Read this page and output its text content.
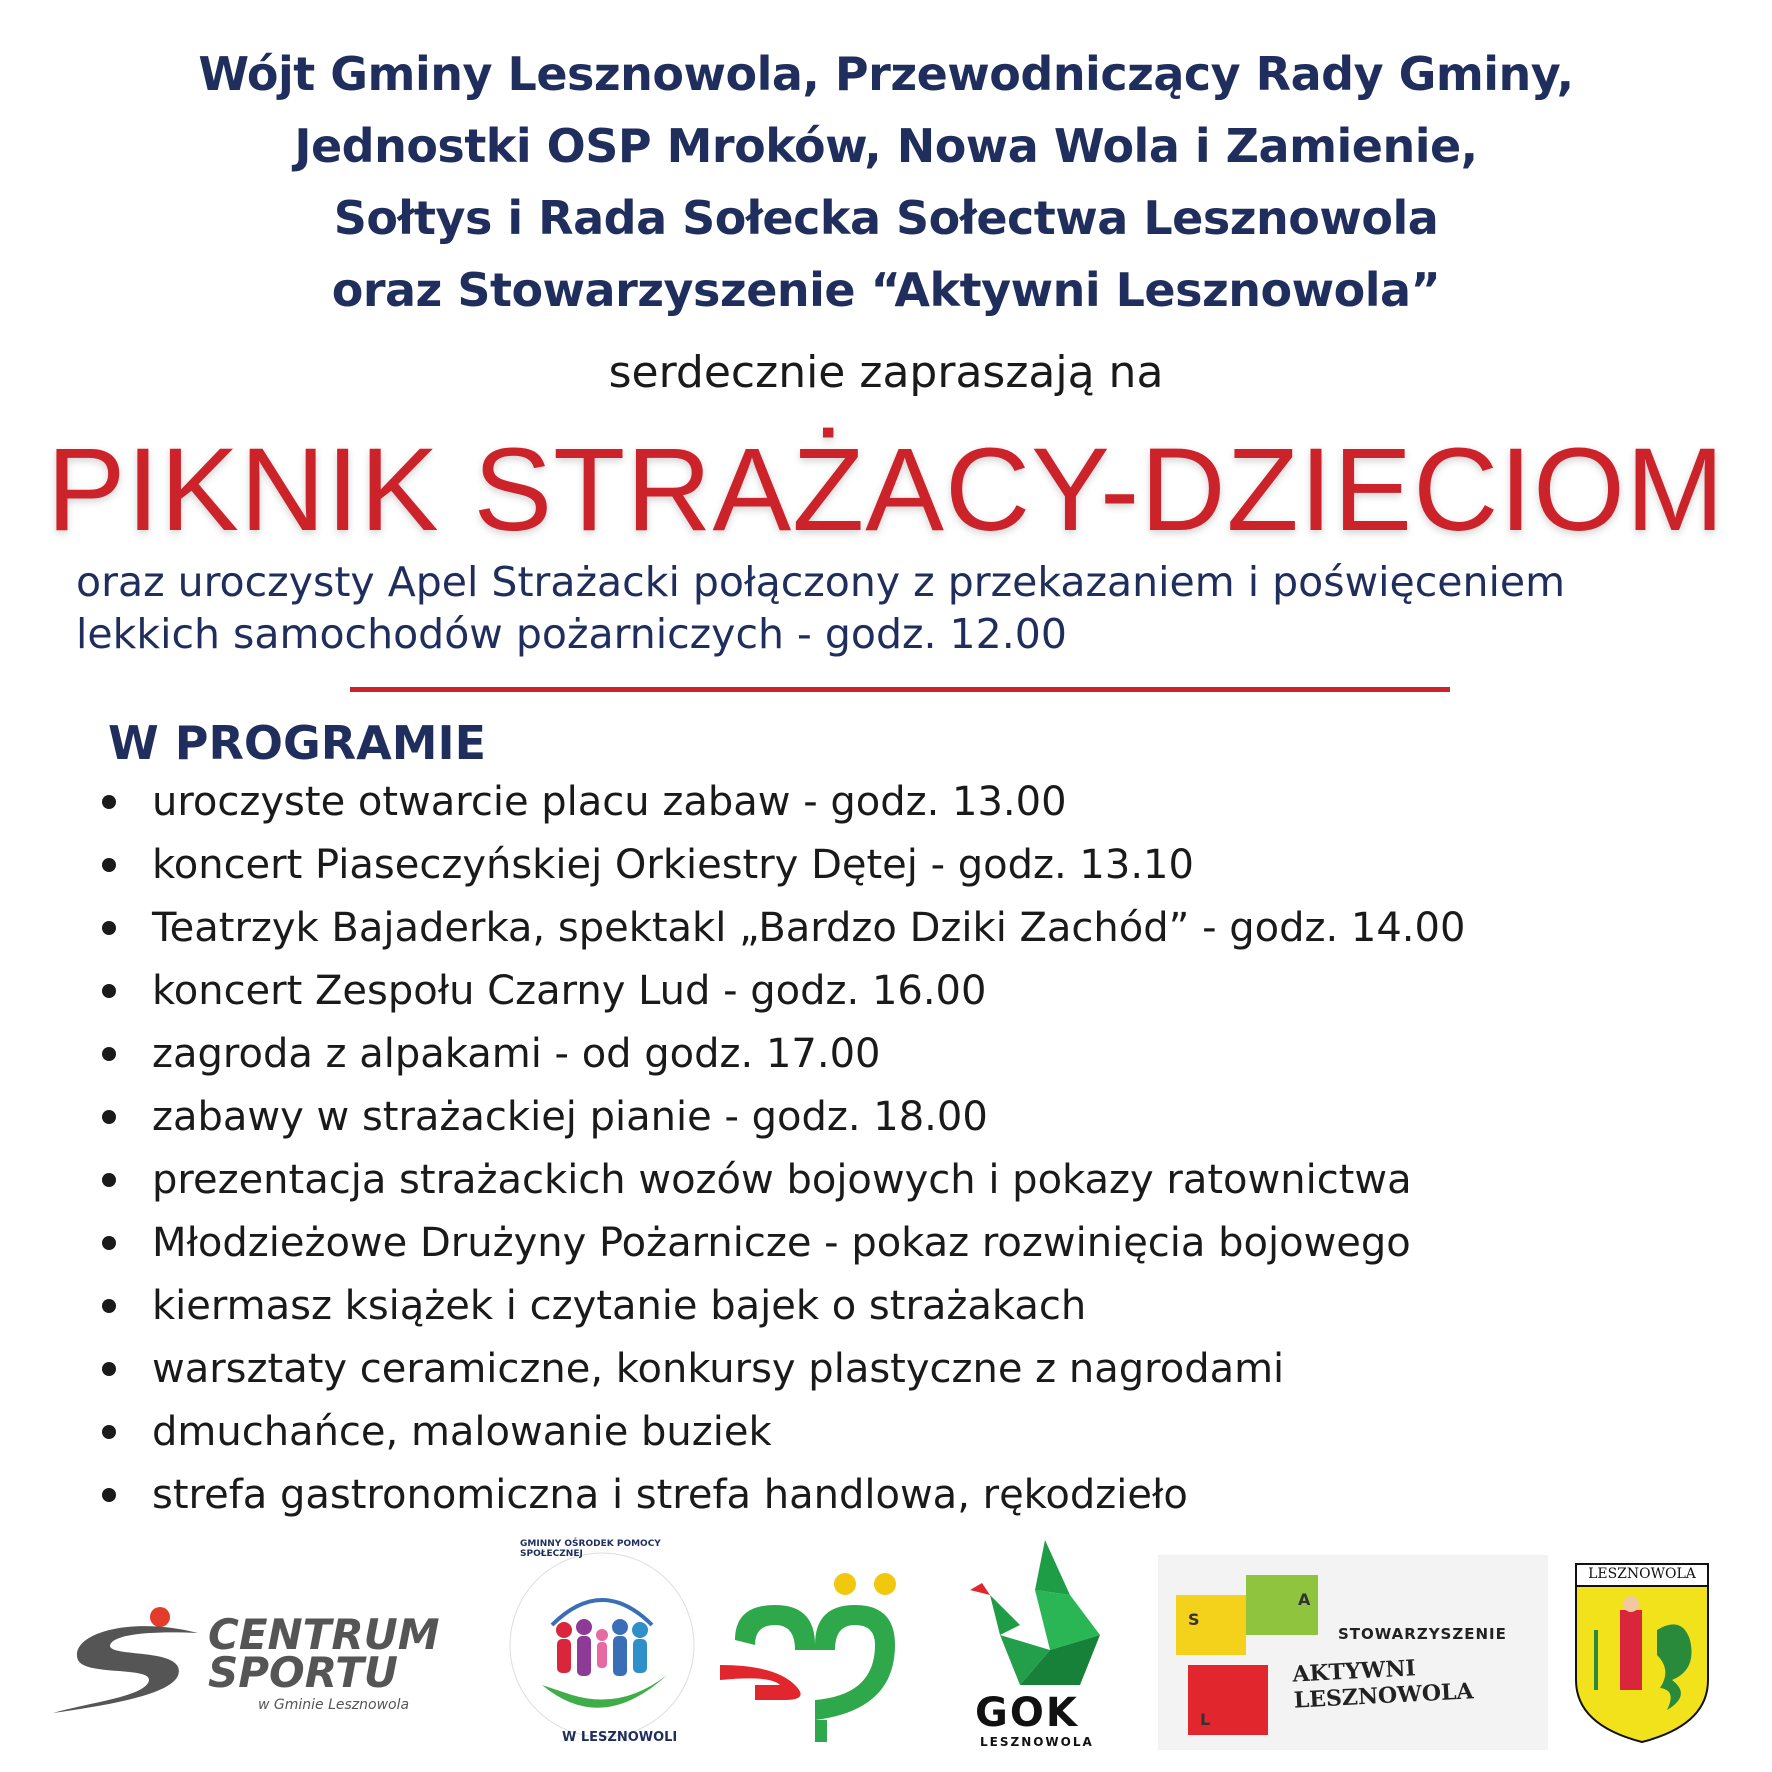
Wójt Gminy Lesznowola, Przewodniczący Rady Gminy,
Jednostki OSP Mroków, Nowa Wola i Zamienie,
Sołtys i Rada Sołecka Sołectwa Lesznowola
oraz Stowarzyszenie “Aktywni Lesznowola”
serdecznie zapraszają na
PIKNIK STRAŻACY-DZIECIOM
oraz uroczysty Apel Strażacki połączony z przekazaniem i poświęceniem
lekkich samochodów pożarniczych - godz. 12.00
W PROGRAMIE
uroczyste otwarcie placu zabaw - godz. 13.00
koncert Piaseczyńskiej Orkiestry Dętej - godz. 13.10
Teatrzyk Bajaderka, spektakl „Bardzo Dziki Zachód” - godz. 14.00
koncert Zespołu Czarny Lud - godz. 16.00
zagroda z alpakami - od godz. 17.00
zabawy w strażackiej pianie - godz. 18.00
prezentacja strażackich wozów bojowych i pokazy ratownictwa
Młodzieżowe Drużyny Pożarnicze - pokaz rozwinięcia bojowego
kiermasz książek i czytanie bajek o strażakach
warsztaty ceramiczne, konkursy plastyczne z nagrodami
dmuchańce, malowanie buziek
strefa gastronomiczna i strefa handlowa, rękodzieło
CENTRUM
SPORTU
w Gminie Lesznowola
GMINNY OŚRODEK POMOCY SPOŁECZNEJ
W LESZNOWOLI
GOK
LESZNOWOLA
S
A
L
STOWARZYSZENIE
AKTYWNI LESZNOWOLA
LESZNOWOLA
